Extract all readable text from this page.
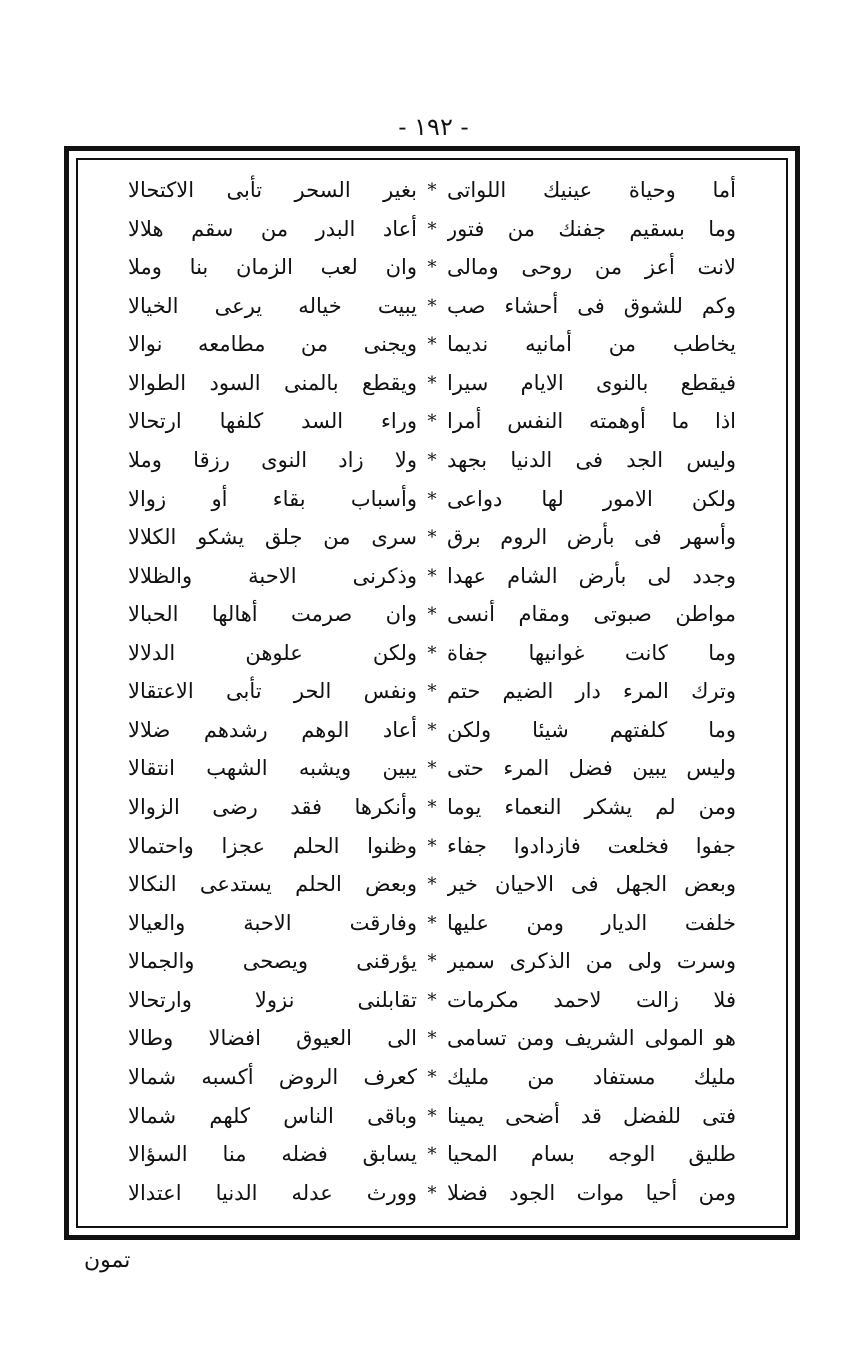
- ١٩٢ -
أما وحياة عينيك اللواتى
*
بغير السحر تأبى الاكتحالا
وما بسقيم جفنك من فتور
*
أعاد البدر من سقم هلالا
لانت أعز من روحى ومالى
*
وان لعب الزمان بنا وملا
وكم للشوق فى أحشاء صب
*
يبيت خياله يرعى الخيالا
يخاطب من أمانيه نديما
*
ويجنى من مطامعه نوالا
فيقطع بالنوى الايام سيرا
*
ويقطع بالمنى السود الطوالا
اذا ما أوهمته النفس أمرا
*
وراء السد كلفها ارتحالا
وليس الجد فى الدنيا بجهد
*
ولا زاد النوى رزقا وملا
ولكن الامور لها دواعى
*
وأسباب بقاء أو زوالا
وأسهر فى بأرض الروم برق
*
سرى من جلق يشكو الكلالا
وجدد لى بأرض الشام عهدا
*
وذكرنى الاحبة والظلالا
مواطن صبوتى ومقام أنسى
*
وان صرمت أهالها الحبالا
وما كانت غوانيها جفاة
*
ولكن علوهن الدلالا
وترك المرء دار الضيم حتم
*
ونفس الحر تأبى الاعتقالا
وما كلفتهم شيئا ولكن
*
أعاد الوهم رشدهم ضلالا
وليس يبين فضل المرء حتى
*
يبين ويشبه الشهب انتقالا
ومن لم يشكر النعماء يوما
*
وأنكرها فقد رضى الزوالا
جفوا فخلعت فازدادوا جفاء
*
وظنوا الحلم عجزا واحتمالا
وبعض الجهل فى الاحيان خير
*
وبعض الحلم يستدعى النكالا
خلفت الديار ومن عليها
*
وفارقت الاحبة والعيالا
وسرت ولى من الذكرى سمير
*
يؤرقنى ويصحى والجمالا
فلا زالت لاحمد مكرمات
*
تقابلنى نزولا وارتحالا
هو المولى الشريف ومن تسامى
*
الى العيوق افضالا وطالا
مليك مستفاد من مليك
*
كعرف الروض أكسبه شمالا
فتى للفضل قد أضحى يمينا
*
وباقى الناس كلهم شمالا
طليق الوجه بسام المحيا
*
يسابق فضله منا السؤالا
ومن أحيا موات الجود فضلا
*
وورث عدله الدنيا اعتدالا
تمون
